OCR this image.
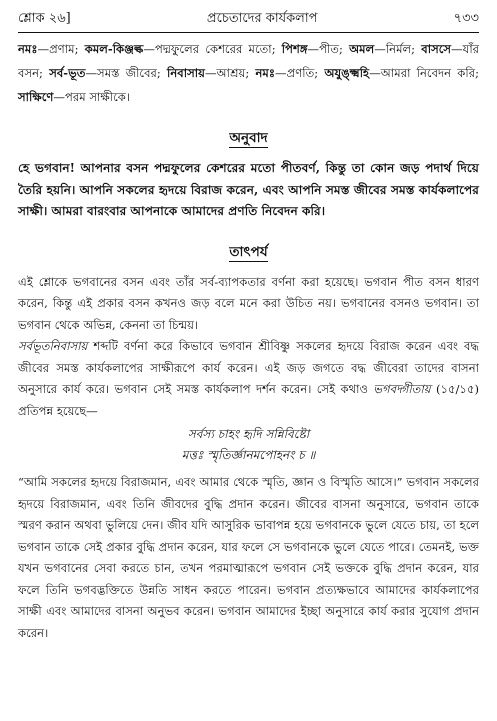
শ্লোক ২৬]	প্রচেতাদের কার্যকলাপ	৭৩৩

নমঃ—প্রণাম; কমল-কিঞ্জল্ক—পদ্মফুলের কেশরের মতো; পিশঙ্গ—পীত; অমল—নির্মল; বাসসে—যাঁর বসন; সর্ব-ভূত—সমস্ত জীবের; নিবাসায়—আশ্রয়; নমঃ—প্রণতি; অযুঙ্ক্ষ্মহি—আমরা নিবেদন করি; সাক্ষিণে—পরম সাক্ষীকে।

অনুবাদ

হে ভগবান! আপনার বসন পদ্মফুলের কেশরের মতো পীতবর্ণ, কিন্তু তা কোন জড় পদার্থ দিয়ে তৈরি হয়নি। আপনি সকলের হৃদয়ে বিরাজ করেন, এবং আপনি সমস্ত জীবের সমস্ত কার্যকলাপের সাক্ষী। আমরা বারংবার আপনাকে আমাদের প্রণতি নিবেদন করি।

তাৎপর্য

এই শ্লোকে ভগবানের বসন এবং তাঁর সর্ব-ব্যাপকতার বর্ণনা করা হয়েছে। ভগবান পীত বসন ধারণ করেন, কিন্তু এই প্রকার বসন কখনও জড় বলে মনে করা উচিত নয়। ভগবানের বসনও ভগবান। তা ভগবান থেকে অভিন্ন, কেননা তা চিন্ময়।

সর্বভূতনিবাসায় শব্দটি বর্ণনা করে কিভাবে ভগবান শ্রীবিষ্ণু সকলের হৃদয়ে বিরাজ করেন এবং বদ্ধ জীবের সমস্ত কার্যকলাপের সাক্ষীরূপে কার্য করেন। এই জড় জগতে বদ্ধ জীবেরা তাদের বাসনা অনুসারে কার্য করে। ভগবান সেই সমস্ত কার্যকলাপ দর্শন করেন। সেই কথাও ভগবদ্গীতায় (১৫/১৫) প্রতিপন্ন হয়েছে—

সর্বস্য চাহং হৃদি সন্নিবিষ্টো
মত্তঃ স্মৃতির্জ্ঞানমপোহনং চ ॥

“আমি সকলের হৃদয়ে বিরাজমান, এবং আমার থেকে স্মৃতি, জ্ঞান ও বিস্মৃতি আসে।” ভগবান সকলের হৃদয়ে বিরাজমান, এবং তিনি জীবদের বুদ্ধি প্রদান করেন। জীবের বাসনা অনুসারে, ভগবান তাকে স্মরণ করান অথবা ভুলিয়ে দেন। জীব যদি আসুরিক ভাবাপন্ন হয়ে ভগবানকে ভুলে যেতে চায়, তা হলে ভগবান তাকে সেই প্রকার বুদ্ধি প্রদান করেন, যার ফলে সে ভগবানকে ভুলে যেতে পারে। তেমনই, ভক্ত যখন ভগবানের সেবা করতে চান, তখন পরমাত্মারূপে ভগবান সেই ভক্তকে বুদ্ধি প্রদান করেন, যার ফলে তিনি ভগবদ্ভক্তিতে উন্নতি সাধন করতে পারেন। ভগবান প্রত্যক্ষভাবে আমাদের কার্যকলাপের সাক্ষী এবং আমাদের বাসনা অনুভব করেন। ভগবান আমাদের ইচ্ছা অনুসারে কার্য করার সুযোগ প্রদান করেন।
